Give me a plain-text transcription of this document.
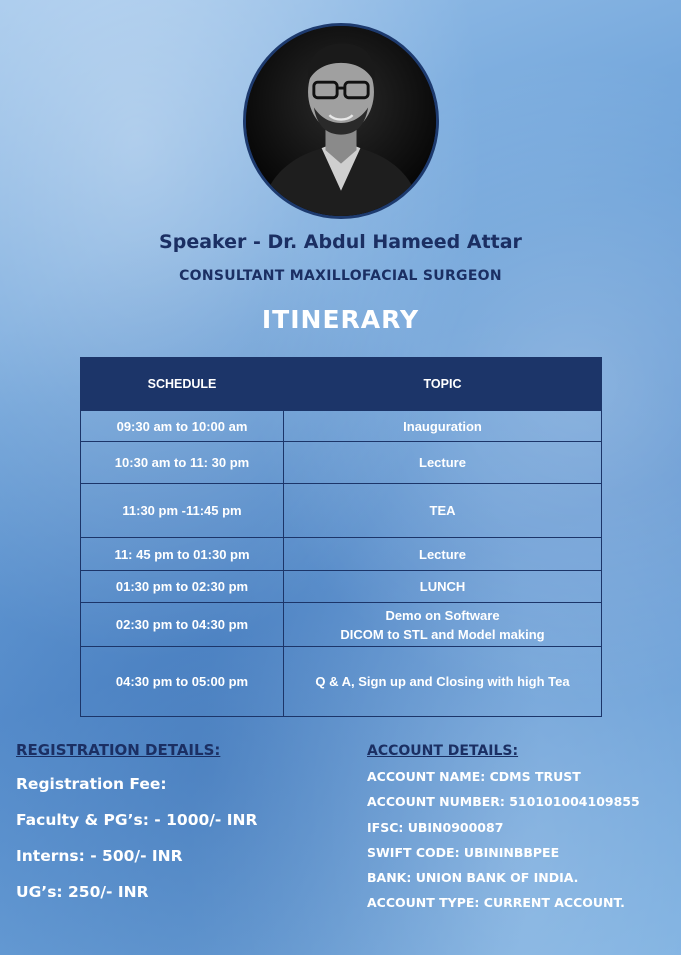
Speaker - Dr. Abdul Hameed Attar
CONSULTANT MAXILLOFACIAL SURGEON
ITINERARY
SCHEDULE	TOPIC
09:30 am to 10:00 am	Inauguration
10:30 am to 11: 30 pm	Lecture
11:30 pm -11:45 pm	TEA
11: 45 pm to 01:30 pm	Lecture
01:30 pm to 02:30 pm	LUNCH
02:30 pm to 04:30 pm	Demo on Software
DICOM to STL and Model making
04:30 pm to 05:00 pm	Q & A, Sign up and Closing with high Tea
REGISTRATION DETAILS:
Registration Fee:
Faculty & PG’s: - 1000/- INR
Interns: - 500/- INR
UG’s: 250/- INR
ACCOUNT DETAILS:
ACCOUNT NAME: CDMS TRUST
ACCOUNT NUMBER: 510101004109855
IFSC: UBIN0900087
SWIFT CODE: UBININBBPEE
BANK: UNION BANK OF INDIA.
ACCOUNT TYPE: CURRENT ACCOUNT.
